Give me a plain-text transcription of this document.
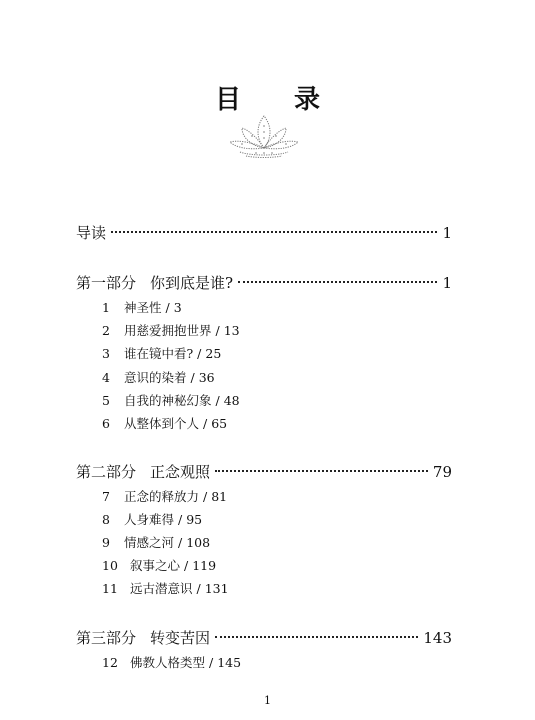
目 录
导读	1
第一部分 你到底是谁?	1
1 神圣性 / 3
2 用慈爱拥抱世界 / 13
3 谁在镜中看? / 25
4 意识的染着 / 36
5 自我的神秘幻象 / 48
6 从整体到个人 / 65
第二部分 正念观照	79
7 正念的释放力 / 81
8 人身难得 / 95
9 情感之河 / 108
10 叙事之心 / 119
11 远古潜意识 / 131
第三部分 转变苦因	143
12 佛教人格类型 / 145
1
